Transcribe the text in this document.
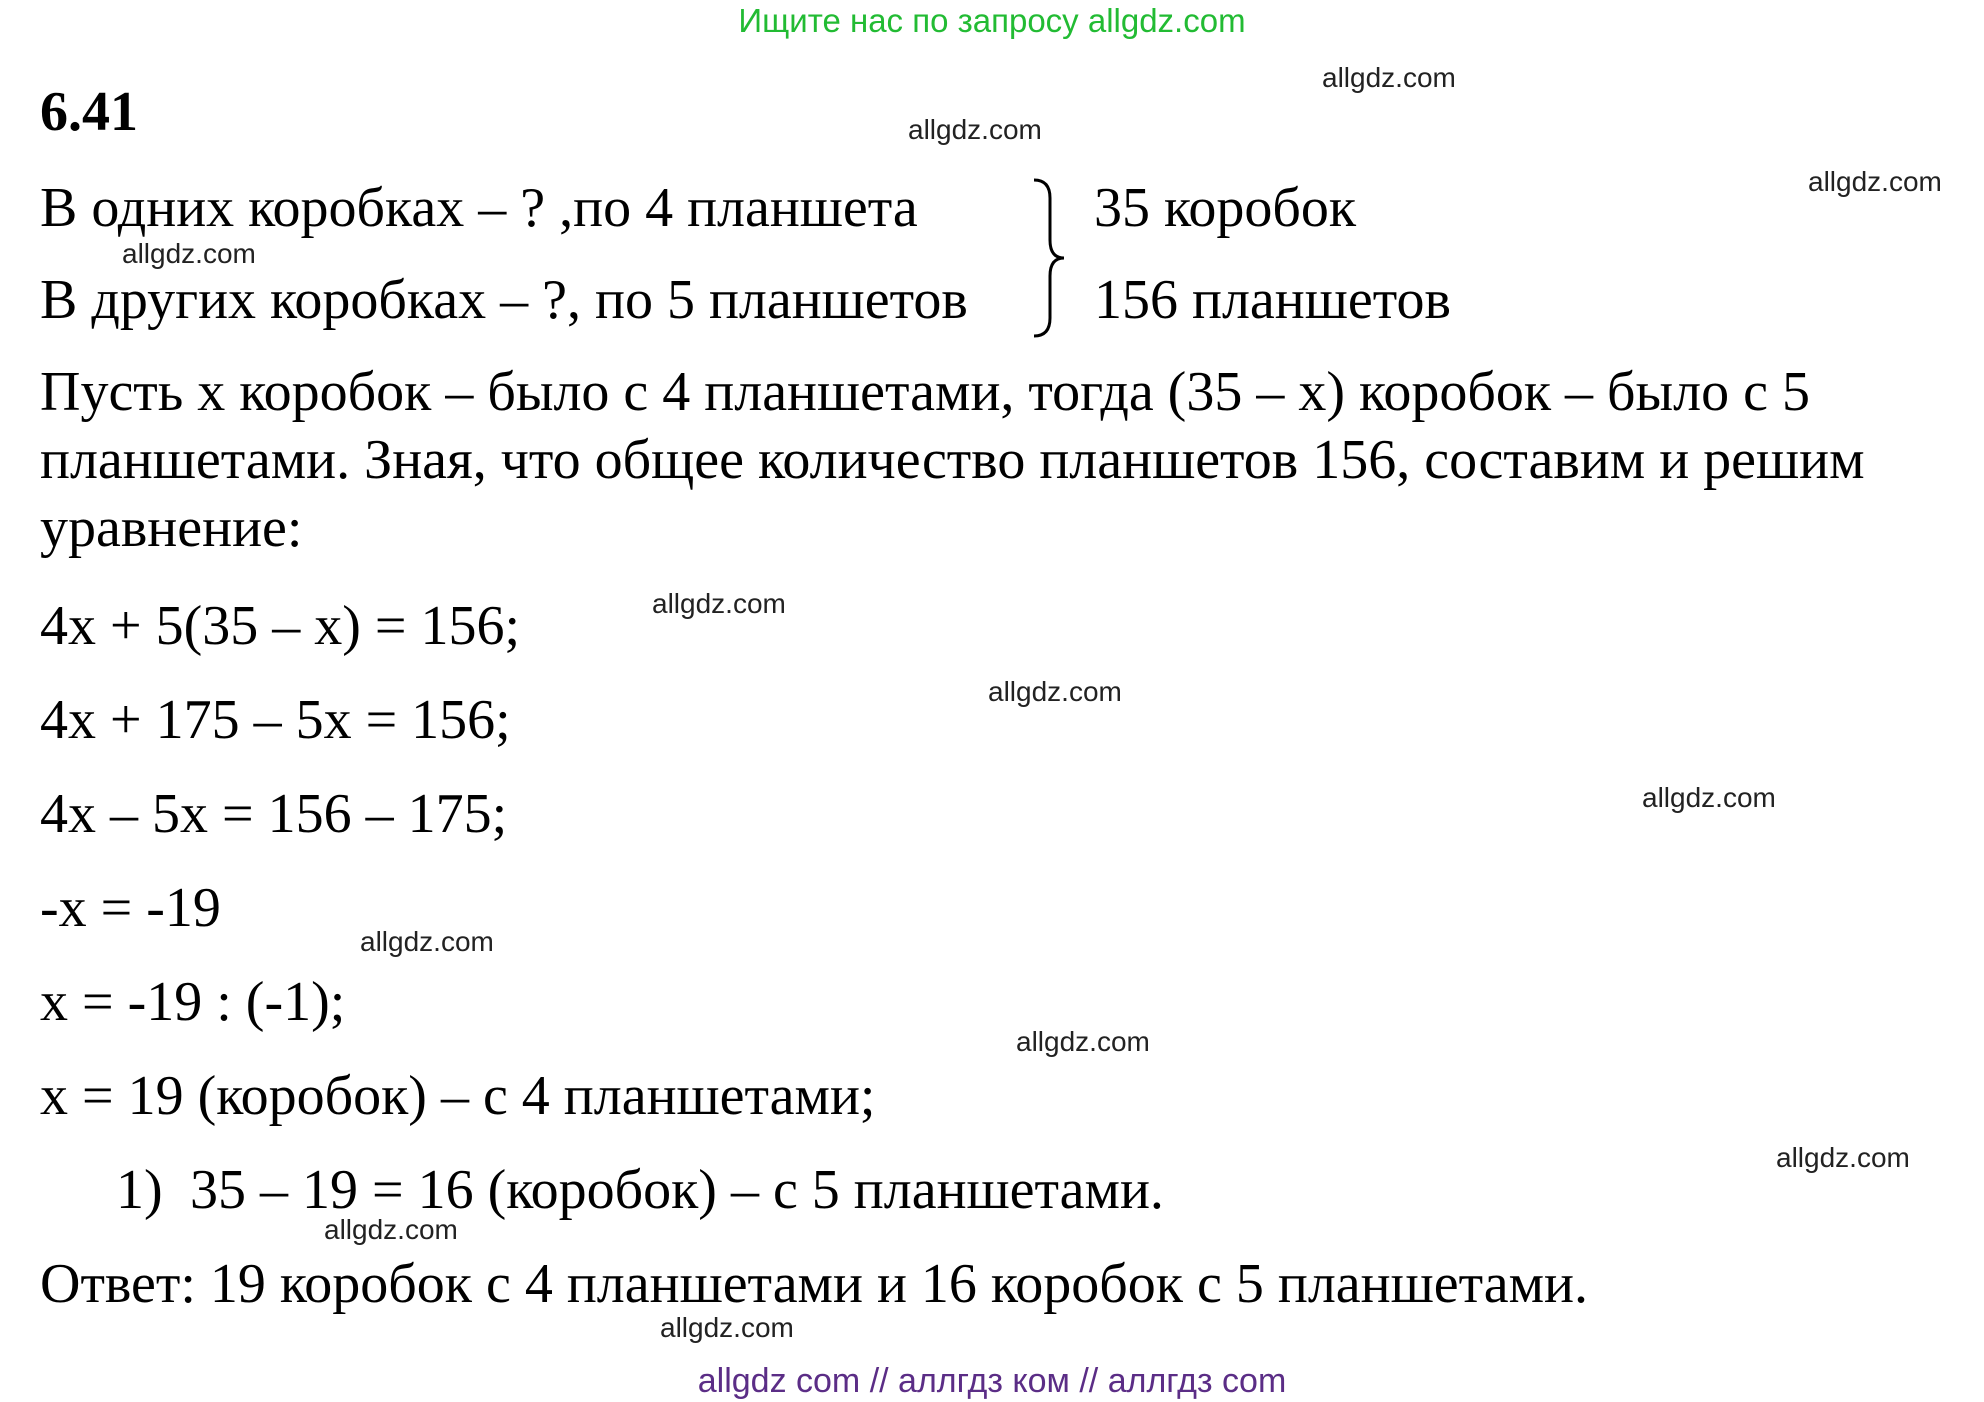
Ищите нас по запросу allgdz.com
6.41
В одних коробках – ? ,по 4 планшета
В других коробках – ?, по 5 планшетов
35 коробок
156 планшетов
Пусть х коробок – было с 4 планшетами, тогда (35 – х) коробок – было с 5
планшетами. Зная, что общее количество планшетов 156, составим и решим
уравнение:
4х + 5(35 – х) = 156;
4х + 175 – 5х = 156;
4х – 5х = 156 – 175;
-х = -19
х = -19 : (-1);
х = 19 (коробок) – с 4 планшетами;
1) 35 – 19 = 16 (коробок) – с 5 планшетами.
Ответ: 19 коробок с 4 планшетами и 16 коробок с 5 планшетами.
allgdz.com
allgdz.com
allgdz.com
allgdz.com
allgdz.com
allgdz.com
allgdz.com
allgdz.com
allgdz.com
allgdz.com
allgdz.com
allgdz.com
allgdz com // аллгдз ком // аллгдз com
